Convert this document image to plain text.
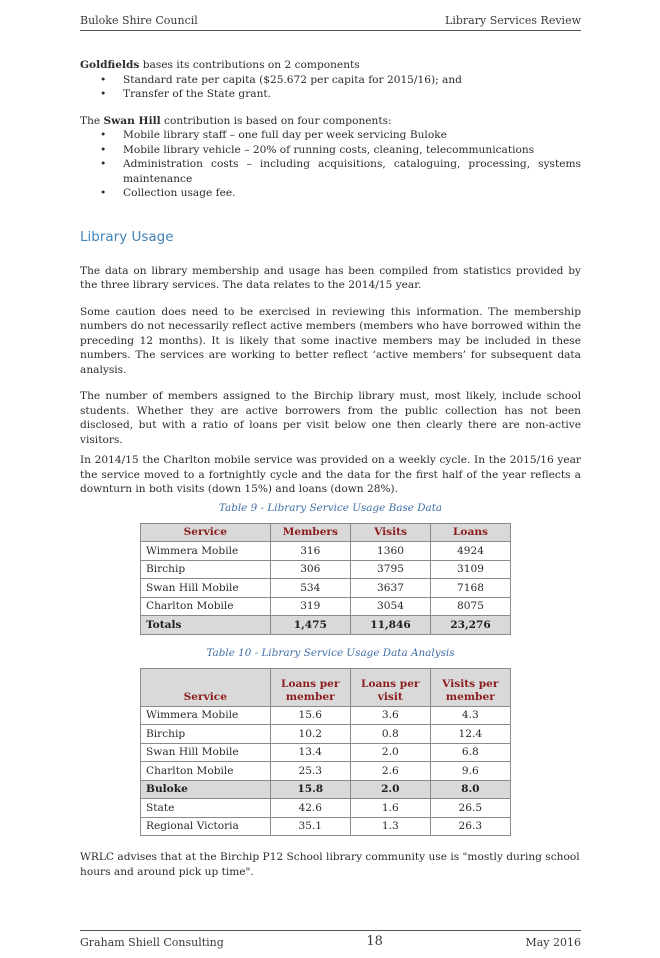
Buloke Shire Council	Library Services Review

Goldfields bases its contributions on 2 components

• Standard rate per capita ($25.672 per capita for 2015/16); and
• Transfer of the State grant.

The Swan Hill contribution is based on four components:

• Mobile library staff – one full day per week servicing Buloke
• Mobile library vehicle – 20% of running costs, cleaning, telecommunications
• Administration costs – including acquisitions, cataloguing, processing, systems maintenance
• Collection usage fee.
Library Usage

The data on library membership and usage has been compiled from statistics provided by the three library services. The data relates to the 2014/15 year.

Some caution does need to be exercised in reviewing this information. The membership numbers do not necessarily reflect active members (members who have borrowed within the preceding 12 months). It is likely that some inactive members may be included in these numbers. The services are working to better reflect ‘active members’ for subsequent data analysis.

The number of members assigned to the Birchip library must, most likely, include school students. Whether they are active borrowers from the public collection has not been disclosed, but with a ratio of loans per visit below one then clearly there are non-active visitors.

In 2014/15 the Charlton mobile service was provided on a weekly cycle. In the 2015/16 year the service moved to a fortnightly cycle and the data for the first half of the year reflects a downturn in both visits (down 15%) and loans (down 28%).

Table 9 - Library Service Usage Base Data
Service	Members	Visits	Loans
Wimmera Mobile	316	1360	4924
Birchip	306	3795	3109
Swan Hill Mobile	534	3637	7168
Charlton Mobile	319	3054	8075
Totals	1,475	11,846	23,276
Table 10 - Library Service Usage Data Analysis
Service	Loans per member	Loans per visit	Visits per member
Wimmera Mobile	15.6	3.6	4.3
Birchip	10.2	0.8	12.4
Swan Hill Mobile	13.4	2.0	6.8
Charlton Mobile	25.3	2.6	9.6
Buloke	15.8	2.0	8.0
State	42.6	1.6	26.5
Regional Victoria	35.1	1.3	26.3

WRLC advises that at the Birchip P12 School library community use is "mostly during school hours and around pick up time".

Graham Shiell Consulting	18	May 2016
